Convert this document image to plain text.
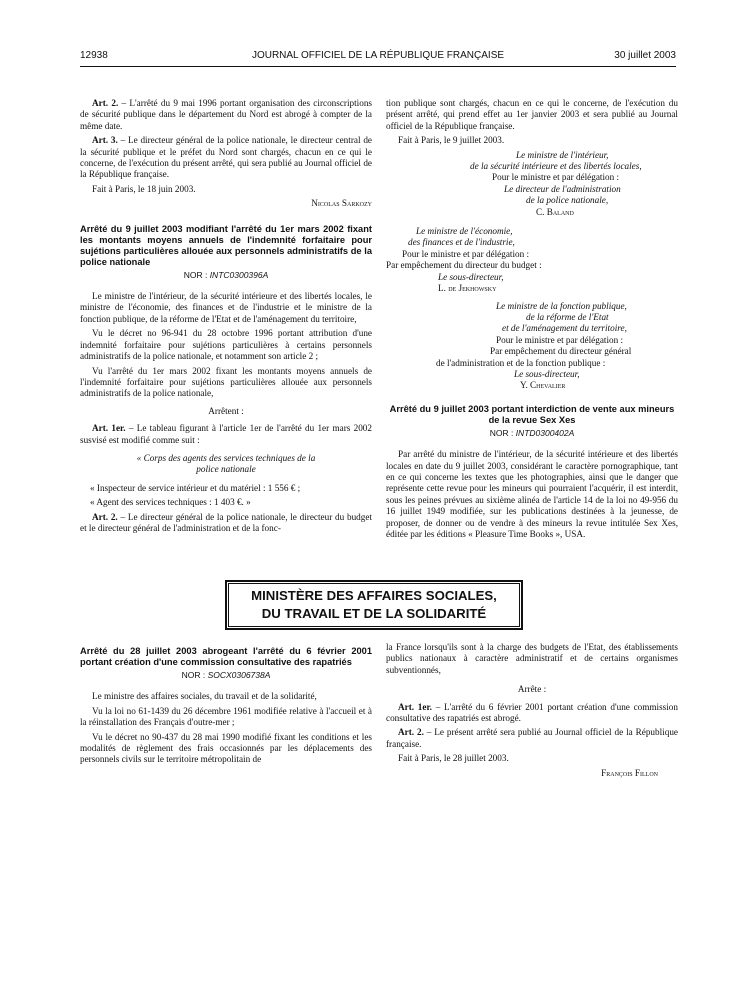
12938	JOURNAL OFFICIEL DE LA RÉPUBLIQUE FRANÇAISE	30 juillet 2003

Art. 2. – L'arrêté du 9 mai 1996 portant organisation des circonscriptions de sécurité publique dans le département du Nord est abrogé à compter de la même date.

Art. 3. – Le directeur général de la police nationale, le directeur central de la sécurité publique et le préfet du Nord sont chargés, chacun en ce qui le concerne, de l'exécution du présent arrêté, qui sera publié au Journal officiel de la République française.

Fait à Paris, le 18 juin 2003.

Nicolas Sarkozy

Arrêté du 9 juillet 2003 modifiant l'arrêté du 1er mars 2002 fixant les montants moyens annuels de l'indemnité forfaitaire pour sujétions particulières allouée aux personnels administratifs de la police nationale
NOR : INTC0300396A

Le ministre de l'intérieur, de la sécurité intérieure et des libertés locales, le ministre de l'économie, des finances et de l'industrie et le ministre de la fonction publique, de la réforme de l'Etat et de l'aménagement du territoire,

Vu le décret no 96-941 du 28 octobre 1996 portant attribution d'une indemnité forfaitaire pour sujétions particulières à certains personnels administratifs de la police nationale, et notamment son article 2 ;

Vu l'arrêté du 1er mars 2002 fixant les montants moyens annuels de l'indemnité forfaitaire pour sujétions particulières allouée aux personnels administratifs de la police nationale,

Arrêtent :

Art. 1er. – Le tableau figurant à l'article 1er de l'arrêté du 1er mars 2002 susvisé est modifié comme suit :

« Corps des agents des services techniques de la police nationale

« Inspecteur de service intérieur et du matériel : 1 556 € ;

« Agent des services techniques : 1 403 €. »

Art. 2. – Le directeur général de la police nationale, le directeur du budget et le directeur général de l'administration et de la fonc-

tion publique sont chargés, chacun en ce qui le concerne, de l'exécution du présent arrêté, qui prend effet au 1er janvier 2003 et sera publié au Journal officiel de la République française.

Fait à Paris, le 9 juillet 2003.

Le ministre de l'intérieur,
de la sécurité intérieure et des libertés locales,
Pour le ministre et par délégation :
Le directeur de l'administration
de la police nationale,
C. Baland
Le ministre de l'économie,
des finances et de l'industrie,
Pour le ministre et par délégation :
Par empêchement du directeur du budget :
Le sous-directeur,
L. de Jekhowsky
Le ministre de la fonction publique,
de la réforme de l'Etat
et de l'aménagement du territoire,
Pour le ministre et par délégation :
Par empêchement du directeur général
de l'administration et de la fonction publique :
Le sous-directeur,
Y. Chevalier
Arrêté du 9 juillet 2003 portant interdiction de vente aux mineurs de la revue Sex Xes
NOR : INTD0300402A

Par arrêté du ministre de l'intérieur, de la sécurité intérieure et des libertés locales en date du 9 juillet 2003, considérant le caractère pornographique, tant en ce qui concerne les textes que les photographies, ainsi que le danger que représente cette revue pour les mineurs qui pourraient l'acquérir, il est interdit, sous les peines prévues au sixième alinéa de l'article 14 de la loi no 49-956 du 16 juillet 1949 modifiée, sur les publications destinées à la jeunesse, de proposer, de donner ou de vendre à des mineurs la revue intitulée Sex Xes, éditée par les éditions « Pleasure Time Books », USA.

MINISTÈRE DES AFFAIRES SOCIALES,
DU TRAVAIL ET DE LA SOLIDARITÉ
Arrêté du 28 juillet 2003 abrogeant l'arrêté du 6 février 2001 portant création d'une commission consultative des rapatriés
NOR : SOCX0306738A

Le ministre des affaires sociales, du travail et de la solidarité,

Vu la loi no 61-1439 du 26 décembre 1961 modifiée relative à l'accueil et à la réinstallation des Français d'outre-mer ;

Vu le décret no 90-437 du 28 mai 1990 modifié fixant les conditions et les modalités de règlement des frais occasionnés par les déplacements des personnels civils sur le territoire métropolitain de

la France lorsqu'ils sont à la charge des budgets de l'Etat, des établissements publics nationaux à caractère administratif et de certains organismes subventionnés,

Arrête :

Art. 1er. – L'arrêté du 6 février 2001 portant création d'une commission consultative des rapatriés est abrogé.

Art. 2. – Le présent arrêté sera publié au Journal officiel de la République française.

Fait à Paris, le 28 juillet 2003.

François Fillon
